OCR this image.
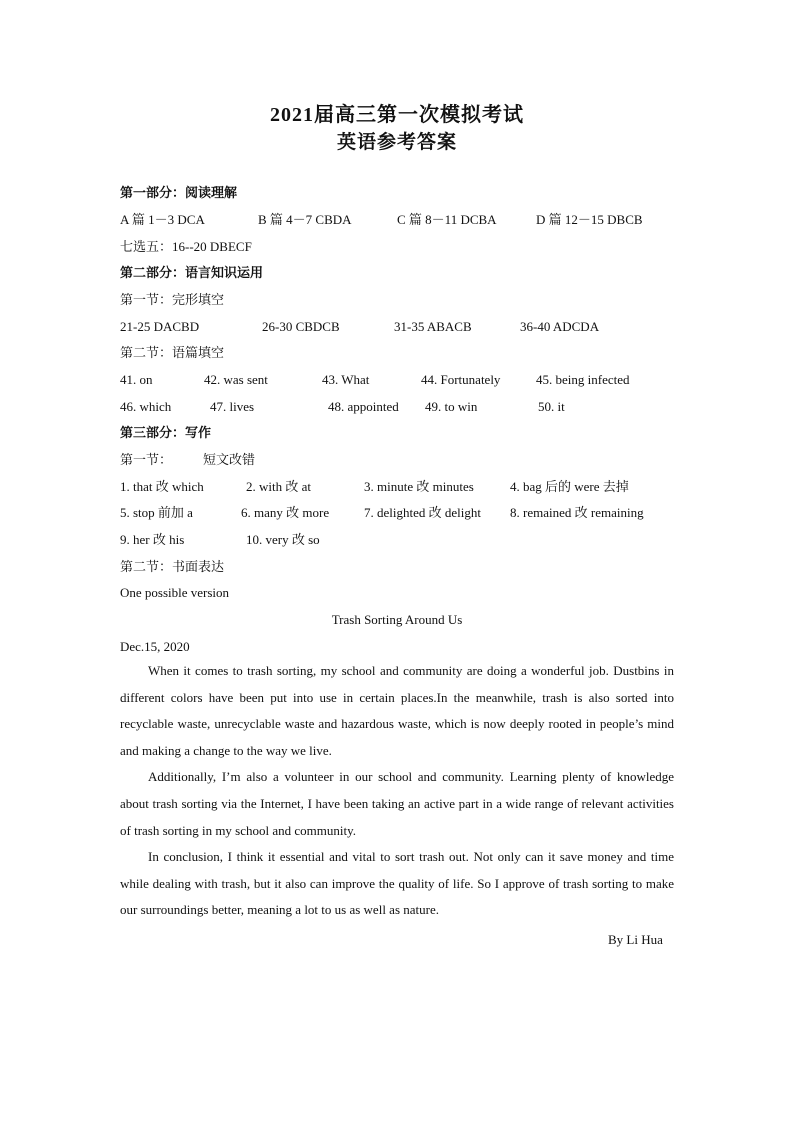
2021届高三第一次模拟考试
英语参考答案
第一部分：阅读理解
A 篇 1－3 DCA	B 篇 4－7 CBDA	C 篇 8－11 DCBA	D 篇 12－15 DBCB
七选五：16--20 DBECF
第二部分：语言知识运用
第一节：完形填空
21-25 DACBD	26-30 CBDCB	31-35 ABACB	36-40 ADCDA
第二节：语篇填空
41. on	42. was sent	43. What	44. Fortunately	45. being infected
46. which	47. lives	48. appointed 49. to win	50. it
第三部分：写作
第一节： 短文改错
1. that 改 which	2. with 改 at	3. minute 改 minutes	4. bag 后的 were 去掉
5. stop 前加 a	6. many 改 more	7. delighted 改 delight 8. remained 改 remaining
9. her 改 his	10. very 改 so
第二节：书面表达
One possible version
Trash Sorting Around Us
Dec.15, 2020

When it comes to trash sorting, my school and community are doing a wonderful job. Dustbins in different colors have been put into use in certain places.In the meanwhile, trash is also sorted into recyclable waste, unrecyclable waste and hazardous waste, which is now deeply rooted in people’s mind and making a change to the way we live.

Additionally, I’m also a volunteer in our school and community. Learning plenty of knowledge about trash sorting via the Internet, I have been taking an active part in a wide range of relevant activities of trash sorting in my school and community.

In conclusion, I think it essential and vital to sort trash out. Not only can it save money and time while dealing with trash, but it also can improve the quality of life. So I approve of trash sorting to make our surroundings better, meaning a lot to us as well as nature.

By Li Hua
